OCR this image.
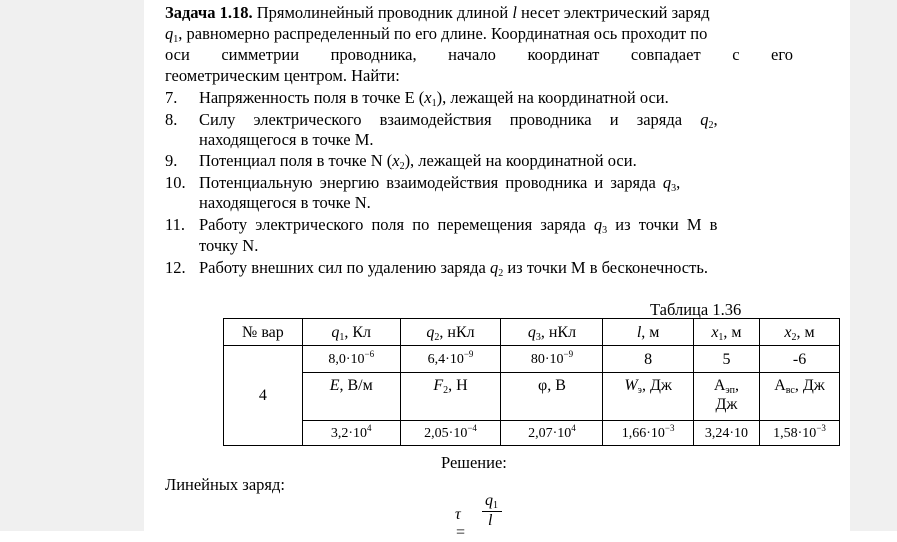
Задача 1.18. Прямолинейный проводник длиной l несет электрический заряд
$q_1$, равномерно распределенный по его длине. Координатная ось проходит по
оси симметрии проводника, начало координат совпадает с его
геометрическим центром. Найти:
7. Напряженность поля в точке Е $(x_1)$, лежащей на координатной оси.
8. Силу электрического взаимодействия проводника и заряда $q_2$,
находящегося в точке М.
9. Потенциал поля в точке N $(x_2)$, лежащей на координатной оси.
10. Потенциальную энергию взаимодействия проводника и заряда $q_3$,
находящегося в точке N.
11. Работу электрического поля по перемещения заряда $q_3$ из точки М в
точку N.
12. Работу внешних сил по удалению заряда $q_2$ из точки М в бесконечность.
Таблица 1.36
№ вар	$q_1$, Кл	$q_2$, нКл	$q_3$, нКл	l, м	$x_1$, м	$x_2$, м
4	$8,0\cdot 10^{-6}$	$6,4\cdot 10^{-9}$	$80\cdot 10^{-9}$	8	5	-6
	E, В/м	$F_2$, Н	φ, В	$W_э$, Дж	$А_{эп}$,
Дж	$А_{вс}$, Дж
	$3,2\cdot 10^4$	$2,05\cdot 10^{-4}$	$2,07\cdot 10^4$	$1,66\cdot 10^{-3}$	3,24·10	$1,58\cdot 10^{-3}$
Решение:
Линейных заряд:
τ =
$q_1$
l
